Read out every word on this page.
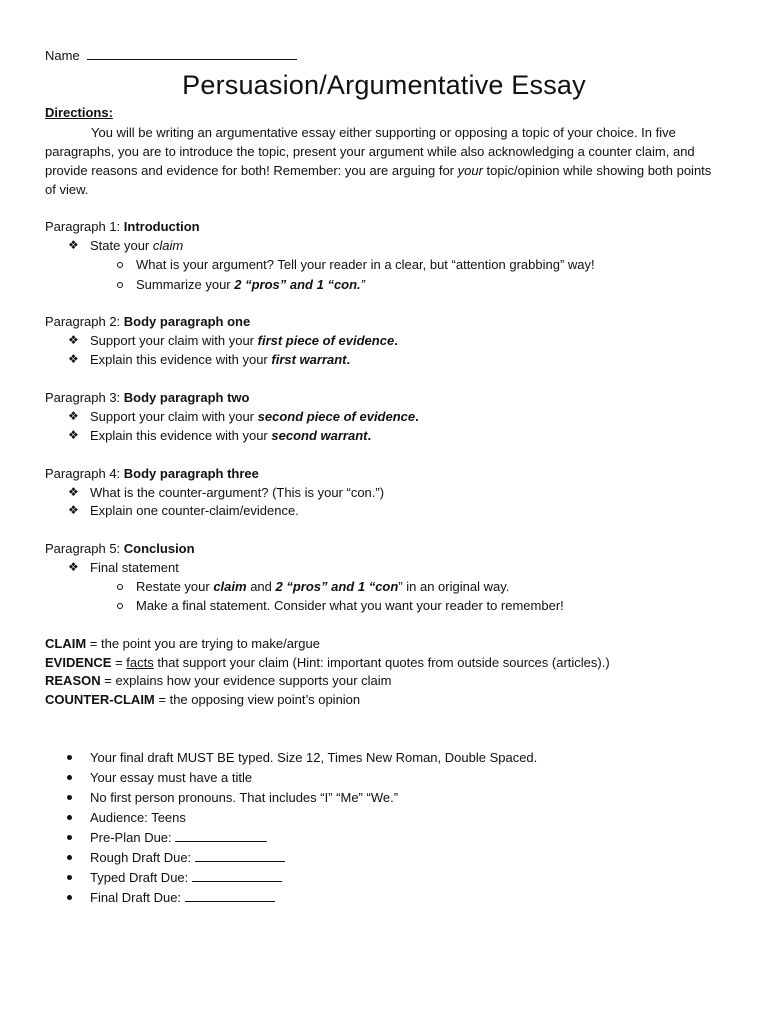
Name
Persuasion/Argumentative Essay
Directions:
You will be writing an argumentative essay either supporting or opposing a topic of your choice. In five paragraphs, you are to introduce the topic, present your argument while also acknowledging a counter claim, and provide reasons and evidence for both! Remember: you are arguing for your topic/opinion while showing both points of view.
Paragraph 1: Introduction
❖ State your claim
What is your argument? Tell your reader in a clear, but “attention grabbing” way!
Summarize your 2 “pros” and 1 “con.”
Paragraph 2: Body paragraph one
❖ Support your claim with your first piece of evidence.
❖ Explain this evidence with your first warrant.
Paragraph 3: Body paragraph two
❖ Support your claim with your second piece of evidence.
❖ Explain this evidence with your second warrant.
Paragraph 4: Body paragraph three
❖ What is the counter-argument? (This is your “con.”)
❖ Explain one counter-claim/evidence.
Paragraph 5: Conclusion
❖ Final statement
Restate your claim and 2 “pros” and 1 “con” in an original way.
Make a final statement. Consider what you want your reader to remember!
CLAIM = the point you are trying to make/argue
EVIDENCE = facts that support your claim (Hint: important quotes from outside sources (articles).)
REASON = explains how your evidence supports your claim
COUNTER-CLAIM = the opposing view point’s opinion
Your final draft MUST BE typed. Size 12, Times New Roman, Double Spaced.
Your essay must have a title
No first person pronouns. That includes “I” “Me” “We.”
Audience: Teens
Pre-Plan Due:
Rough Draft Due:
Typed Draft Due:
Final Draft Due:
